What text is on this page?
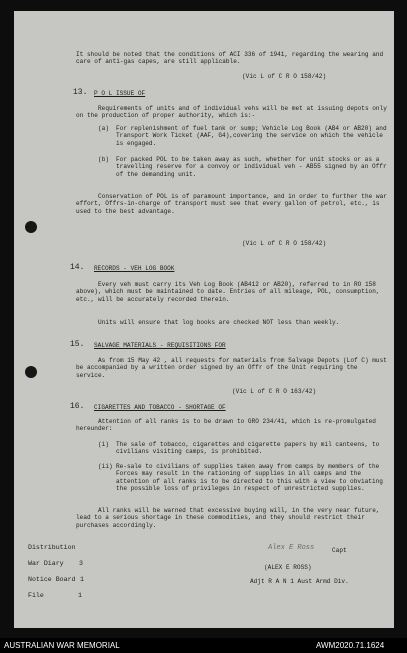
It should be noted that the conditions of ACI 336 of 1941, regarding the wearing and care of anti-gas capes, are still applicable.
(Vic L of C R O 158/42)
13. P O L ISSUE OF
Requirements of units and of individual vehs will be met at issuing depots only on the production of proper authority, which is:-
(a) For replenishment of fuel tank or sump; Vehicle Log Book (AB4 or AB20) and Transport Work Ticket (AAF, G4),covering the service on which the vehicle is engaged.
(b) For packed POL to be taken away as such, whether for unit stocks or as a travelling reserve for a convoy or individual veh - AB55 signed by an Offr of the demanding unit.
Conservation of POL is of paramount importance, and in order to further the war effort, Offrs-in-charge of transport must see that every gallon of petrol, etc., is used to the best advantage.
(Vic L of C R O 158/42)
14. RECORDS - VEH LOG BOOK
Every veh must carry its Veh Log Book (AB412 or AB20), referred to in RO 158 above), which must be maintained to date. Entries of all mileage, POL, consumption, etc., will be accurately recorded therein.
Units will ensure that log books are checked NOT less than weekly.
15. SALVAGE MATERIALS - REQUISITIONS FOR
As from 15 May 42 , all requests for materials from Salvage Depots (Lof C) must be accompanied by a written order signed by an Offr of the Unit requiring the service.
(Vic L of C R O 163/42)
16. CIGARETTES AND TOBACCO - SHORTAGE OF
Attention of all ranks is to be drawn to GRO 234/41, which is re-promulgated hereunder:
(i) The sale of tobacco, cigarettes and cigarette papers by mil canteens, to civilians visiting camps, is prohibited.
(ii) Re-sale to civilians of supplies taken away from camps by members of the Forces may result in the rationing of supplies in all camps and the attention of all ranks is to be directed to this with a view to obviating the possible loss of privileges in respect of unrestricted supplies.
All ranks will be warned that excessive buying will, in the very near future, lead to a serious shortage in these commodities, and they should restrict their purchases accordingly.
Distribution
War Diary 3
Notice Board 1
File	1
Alex E Ross	Capt
(ALEX E ROSS)
Adjt R A N 1 Aust Armd Div.
AUSTRALIAN WAR MEMORIAL	AWM2020.71.1624
